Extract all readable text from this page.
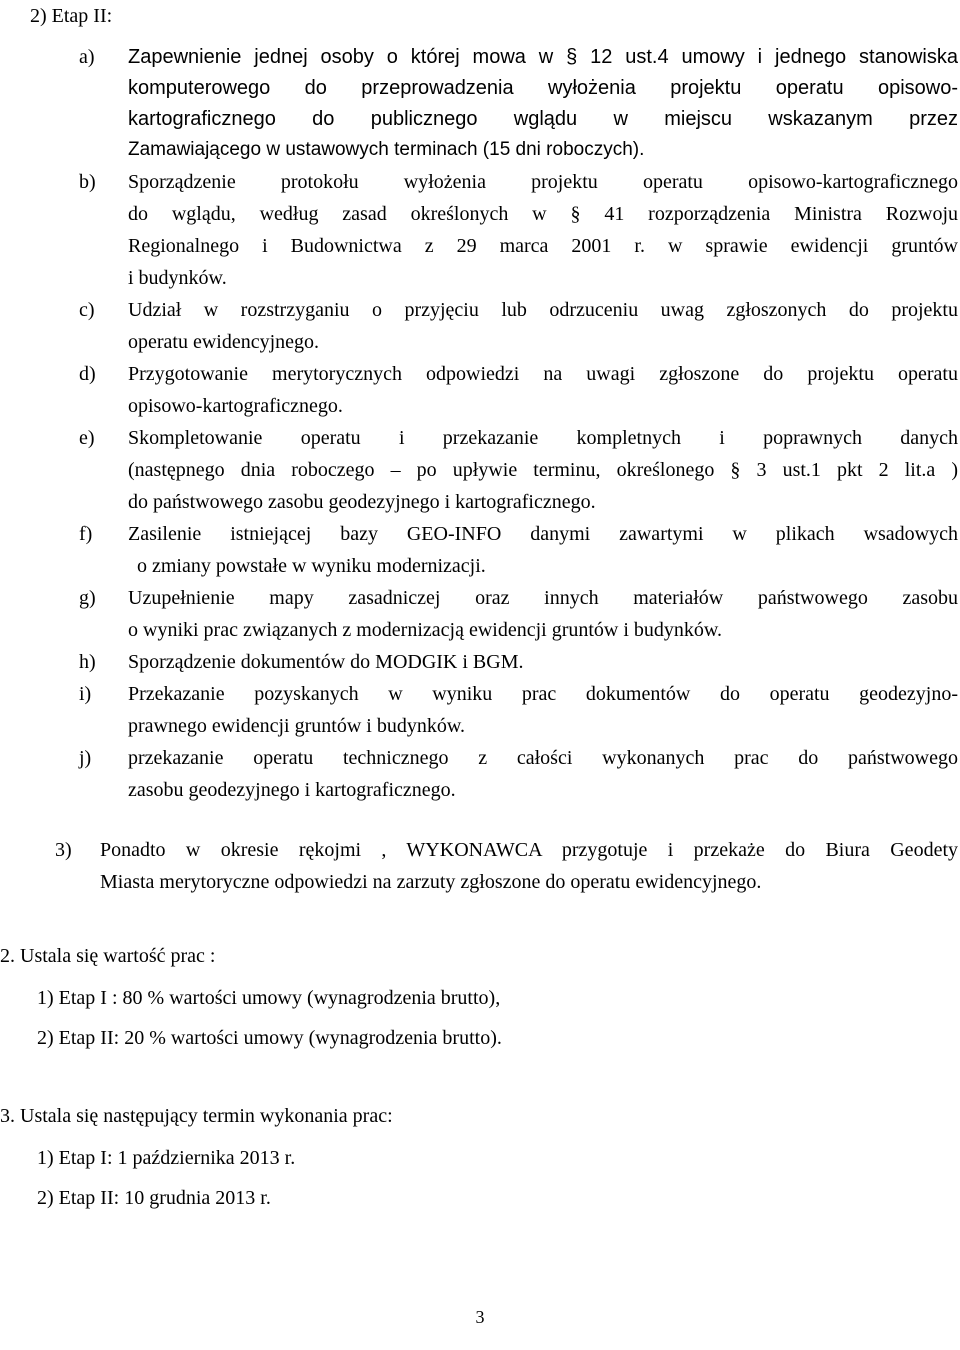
2) Etap II:
a) Zapewnienie jednej osoby o której mowa w § 12 ust.4 umowy i jednego stanowiska
komputerowego do przeprowadzenia wyłożenia projektu operatu opisowo-
kartograficznego do publicznego wglądu w miejscu wskazanym przez
Zamawiającego w ustawowych terminach (15 dni roboczych).
b) Sporządzenie protokołu wyłożenia projektu operatu opisowo-kartograficznego
do wglądu, według zasad określonych w § 41 rozporządzenia Ministra Rozwoju
Regionalnego i Budownictwa z 29 marca 2001 r. w sprawie ewidencji gruntów
i budynków.
c) Udział w rozstrzyganiu o przyjęciu lub odrzuceniu uwag zgłoszonych do projektu
operatu ewidencyjnego.
d) Przygotowanie merytorycznych odpowiedzi na uwagi zgłoszone do projektu operatu
opisowo-kartograficznego.
e) Skompletowanie operatu i przekazanie kompletnych i poprawnych danych
(następnego dnia roboczego – po upływie terminu, określonego § 3 ust.1 pkt 2 lit.a )
do państwowego zasobu geodezyjnego i kartograficznego.
f) Zasilenie istniejącej bazy GEO-INFO danymi zawartymi w plikach wsadowych
o zmiany powstałe w wyniku modernizacji.
g) Uzupełnienie mapy zasadniczej oraz innych materiałów państwowego zasobu
o wyniki prac związanych z modernizacją ewidencji gruntów i budynków.
h) Sporządzenie dokumentów do MODGIK i BGM.
i) Przekazanie pozyskanych w wyniku prac dokumentów do operatu geodezyjno-
prawnego ewidencji gruntów i budynków.
j) przekazanie operatu technicznego z całości wykonanych prac do państwowego
zasobu geodezyjnego i kartograficznego.
3) Ponadto w okresie rękojmi , WYKONAWCA przygotuje i przekaże do Biura Geodety
Miasta merytoryczne odpowiedzi na zarzuty zgłoszone do operatu ewidencyjnego.
2. Ustala się wartość prac :
1) Etap I : 80 % wartości umowy (wynagrodzenia brutto),
2) Etap II: 20 % wartości umowy (wynagrodzenia brutto).
3. Ustala się następujący termin wykonania prac:
1) Etap I: 1 października 2013 r.
2) Etap II: 10 grudnia 2013 r.
3
